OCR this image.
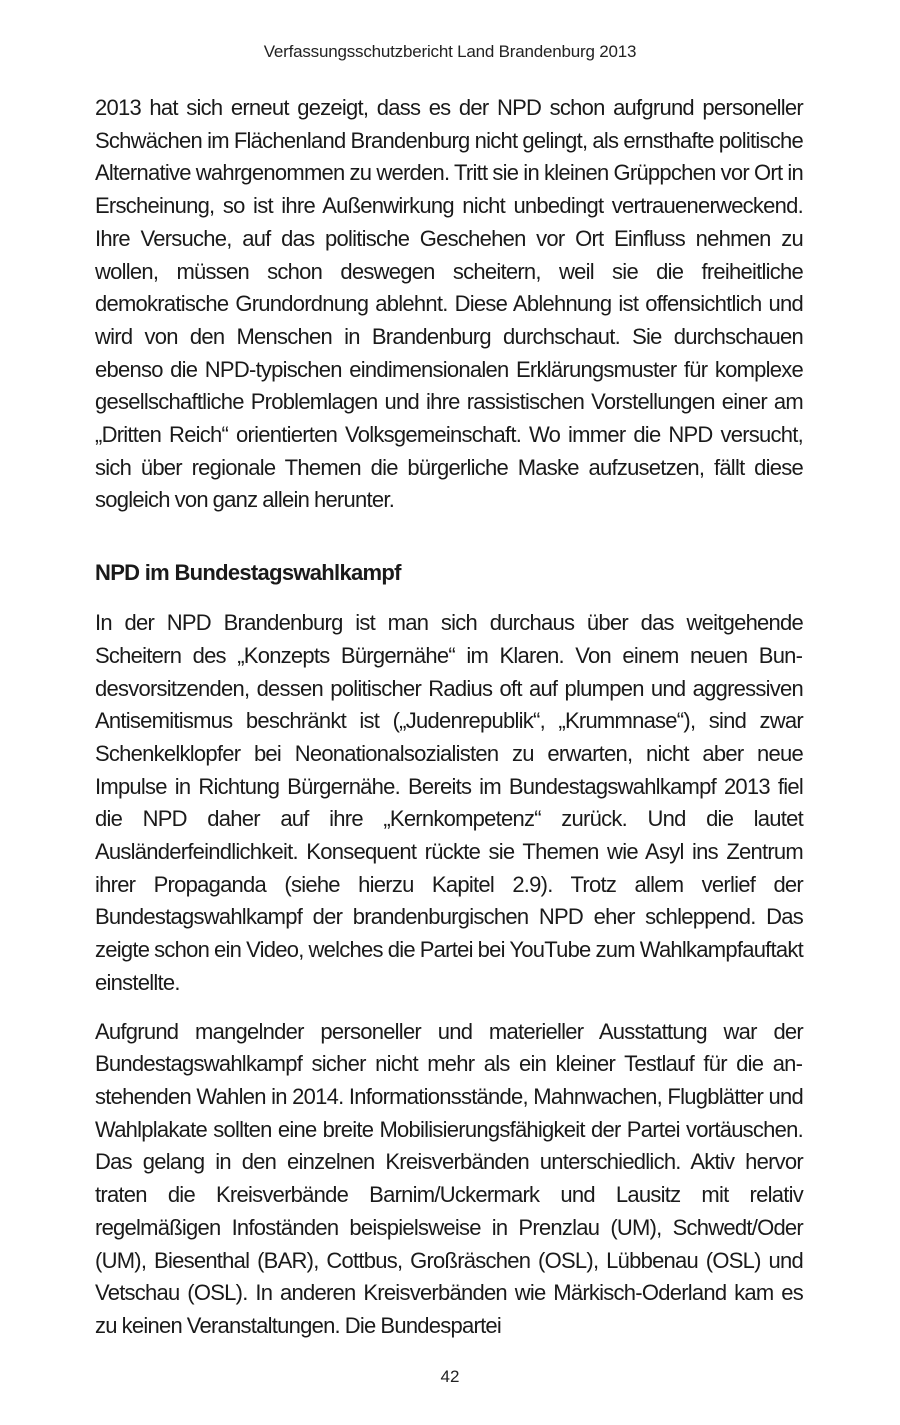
Verfassungsschutzbericht Land Brandenburg 2013

2013 hat sich erneut gezeigt, dass es der NPD schon aufgrund personeller Schwächen im Flächenland Brandenburg nicht gelingt, als ernsthafte politische Alternative wahrgenommen zu werden. Tritt sie in kleinen Grüppchen vor Ort in Erscheinung, so ist ihre Außenwirkung nicht unbedingt vertrauenerweckend. Ihre Versuche, auf das politische Geschehen vor Ort Einfluss nehmen zu wollen, müssen schon deswegen scheitern, weil sie die freiheitliche demokratische Grundordnung ablehnt. Diese Ablehnung ist offensichtlich und wird von den Menschen in Brandenburg durchschaut. Sie durchschauen ebenso die NPD-typischen eindimensionalen Erklärungsmuster für komplexe gesellschaftliche Problemlagen und ihre rassistischen Vorstellungen einer am „Dritten Reich“ orientierten Volksgemeinschaft. Wo immer die NPD versucht, sich über regionale Themen die bürgerliche Maske aufzusetzen, fällt diese sogleich von ganz allein herunter.

NPD im Bundestagswahlkampf

In der NPD Brandenburg ist man sich durchaus über das weitgehende Scheitern des „Konzepts Bürgernähe“ im Klaren. Von einem neuen Bundesvorsitzenden, dessen politischer Radius oft auf plumpen und aggressiven Antisemitismus beschränkt ist („Judenrepublik“, „Krummnase“), sind zwar Schenkelklopfer bei Neonationalsozialisten zu erwarten, nicht aber neue Impulse in Richtung Bürgernähe. Bereits im Bundestagswahlkampf 2013 fiel die NPD daher auf ihre „Kernkompetenz“ zurück. Und die lautet Ausländerfeindlichkeit. Konsequent rückte sie Themen wie Asyl ins Zentrum ihrer Propaganda (siehe hierzu Kapitel 2.9). Trotz allem verlief der Bundestagswahlkampf der brandenburgischen NPD eher schleppend. Das zeigte schon ein Video, welches die Partei bei YouTube zum Wahlkampfauftakt einstellte.

Aufgrund mangelnder personeller und materieller Ausstattung war der Bundestagswahlkampf sicher nicht mehr als ein kleiner Testlauf für die anstehenden Wahlen in 2014. Informationsstände, Mahnwachen, Flugblätter und Wahlplakate sollten eine breite Mobilisierungsfähigkeit der Partei vortäuschen. Das gelang in den einzelnen Kreisverbänden unterschiedlich. Aktiv hervor traten die Kreisverbände Barnim/Uckermark und Lausitz mit relativ regelmäßigen Infoständen beispielsweise in Prenzlau (UM), Schwedt/Oder (UM), Biesenthal (BAR), Cottbus, Großräschen (OSL), Lübbenau (OSL) und Vetschau (OSL). In anderen Kreisverbänden wie Märkisch-Oderland kam es zu keinen Veranstaltungen. Die Bundespartei

42
